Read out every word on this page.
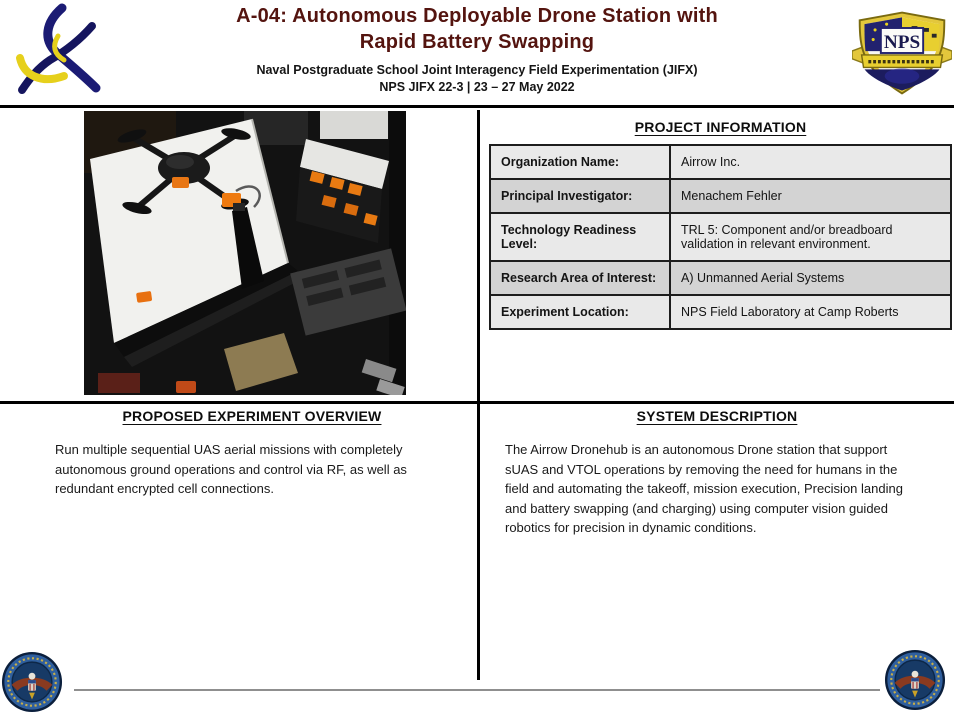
A-04: Autonomous Deployable Drone Station with
Rapid Battery Swapping
Naval Postgraduate School Joint Interagency Field Experimentation (JIFX)
NPS JIFX 22-3 | 23 – 27 May 2022
NPS
PROJECT INFORMATION
Organization Name:	Airrow Inc.
Principal Investigator:	Menachem Fehler
Technology Readiness Level:	TRL 5: Component and/or breadboard validation in relevant environment.
Research Area of Interest:	A) Unmanned Aerial Systems
Experiment Location:	NPS Field Laboratory at Camp Roberts
PROPOSED EXPERIMENT OVERVIEW

Run multiple sequential UAS aerial missions with completely autonomous ground operations and control via RF, as well as redundant encrypted cell connections.

SYSTEM DESCRIPTION

The Airrow Dronehub is an autonomous Drone station that support sUAS and VTOL operations by removing the need for humans in the field and automating the takeoff, mission execution, Precision landing and battery swapping (and charging) using computer vision guided robotics for precision in dynamic conditions.
